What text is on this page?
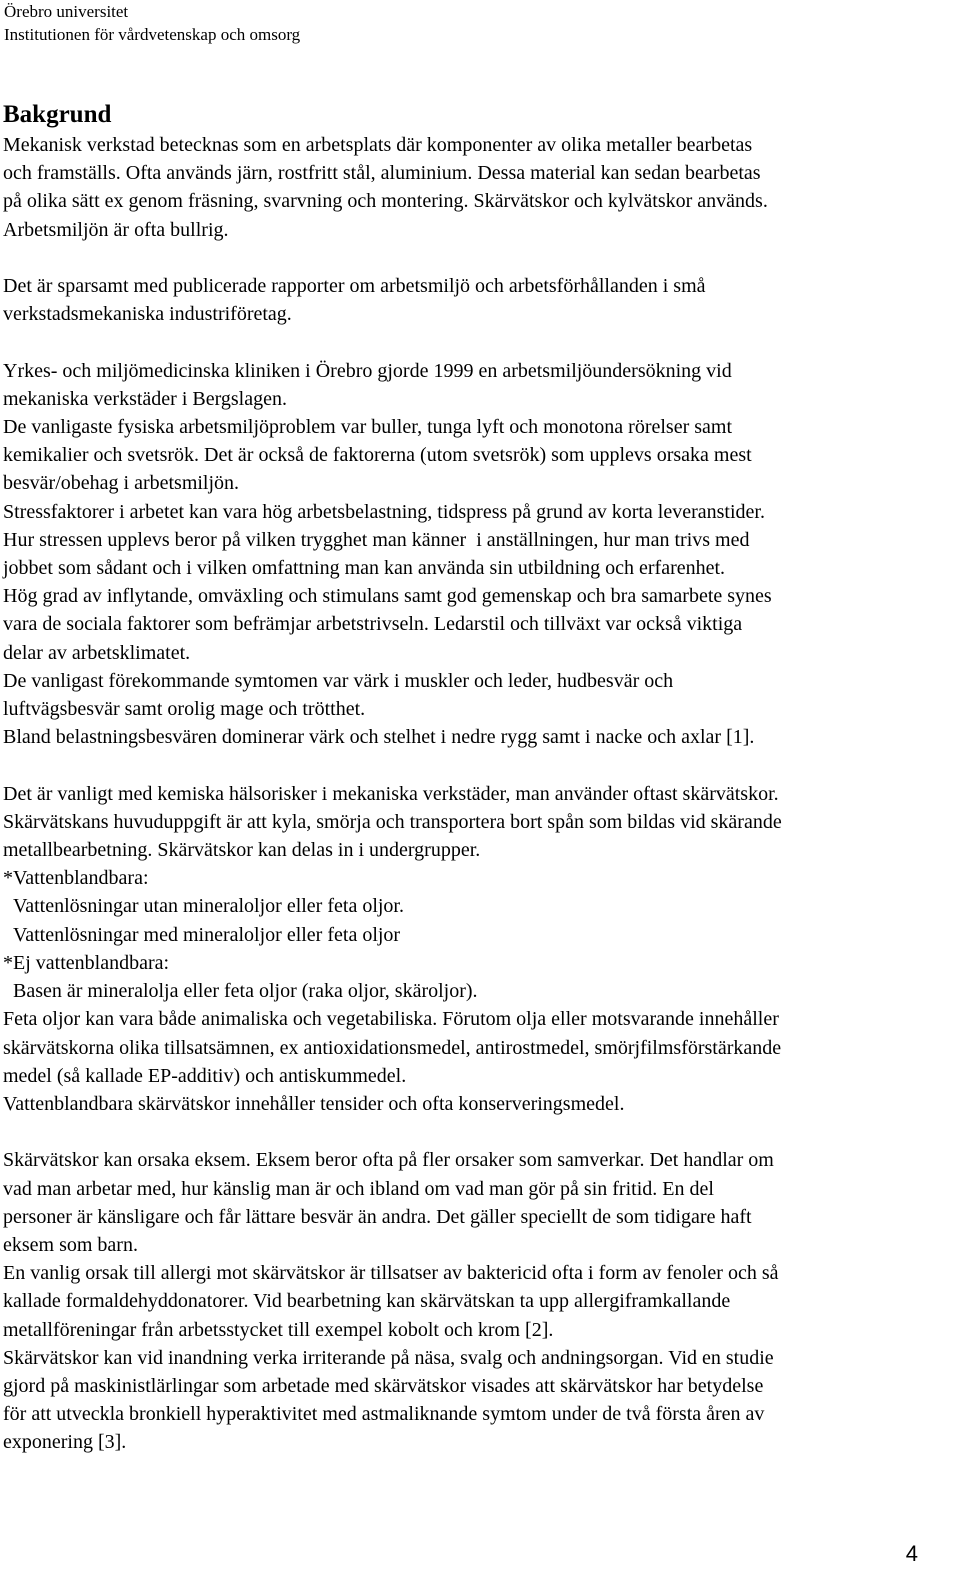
Örebro universitet
Institutionen för vårdvetenskap och omsorg
Bakgrund

Mekanisk verkstad betecknas som en arbetsplats där komponenter av olika metaller bearbetas

och framställs. Ofta används järn, rostfritt stål, aluminium. Dessa material kan sedan bearbetas

på olika sätt ex genom fräsning, svarvning och montering. Skärvätskor och kylvätskor används.

Arbetsmiljön är ofta bullrig.

Det är sparsamt med publicerade rapporter om arbetsmiljö och arbetsförhållanden i små

verkstadsmekaniska industriföretag.

Yrkes- och miljömedicinska kliniken i Örebro gjorde 1999 en arbetsmiljöundersökning vid

mekaniska verkstäder i Bergslagen.

De vanligaste fysiska arbetsmiljöproblem var buller, tunga lyft och monotona rörelser samt

kemikalier och svetsrök. Det är också de faktorerna (utom svetsrök) som upplevs orsaka mest

besvär/obehag i arbetsmiljön.

Stressfaktorer i arbetet kan vara hög arbetsbelastning, tidspress på grund av korta leveranstider.

Hur stressen upplevs beror på vilken trygghet man känner  i anställningen, hur man trivs med

jobbet som sådant och i vilken omfattning man kan använda sin utbildning och erfarenhet.

Hög grad av inflytande, omväxling och stimulans samt god gemenskap och bra samarbete synes

vara de sociala faktorer som befrämjar arbetstrivseln. Ledarstil och tillväxt var också viktiga

delar av arbetsklimatet.

De vanligast förekommande symtomen var värk i muskler och leder, hudbesvär och

luftvägsbesvär samt orolig mage och trötthet.

Bland belastningsbesvären dominerar värk och stelhet i nedre rygg samt i nacke och axlar [1].

Det är vanligt med kemiska hälsorisker i mekaniska verkstäder, man använder oftast skärvätskor.

Skärvätskans huvuduppgift är att kyla, smörja och transportera bort spån som bildas vid skärande

metallbearbetning. Skärvätskor kan delas in i undergrupper.

*Vattenblandbara:

Vattenlösningar utan mineraloljor eller feta oljor.

Vattenlösningar med mineraloljor eller feta oljor

*Ej vattenblandbara:

Basen är mineralolja eller feta oljor (raka oljor, skäroljor).

Feta oljor kan vara både animaliska och vegetabiliska. Förutom olja eller motsvarande innehåller

skärvätskorna olika tillsatsämnen, ex antioxidationsmedel, antirostmedel, smörjfilmsförstärkande

medel (så kallade EP-additiv) och antiskummedel.

Vattenblandbara skärvätskor innehåller tensider och ofta konserveringsmedel.

Skärvätskor kan orsaka eksem. Eksem beror ofta på fler orsaker som samverkar. Det handlar om

vad man arbetar med, hur känslig man är och ibland om vad man gör på sin fritid. En del

personer är känsligare och får lättare besvär än andra. Det gäller speciellt de som tidigare haft

eksem som barn.

En vanlig orsak till allergi mot skärvätskor är tillsatser av baktericid ofta i form av fenoler och så

kallade formaldehyddonatorer. Vid bearbetning kan skärvätskan ta upp allergiframkallande

metallföreningar från arbetsstycket till exempel kobolt och krom [2].

Skärvätskor kan vid inandning verka irriterande på näsa, svalg och andningsorgan. Vid en studie

gjord på maskinistlärlingar som arbetade med skärvätskor visades att skärvätskor har betydelse

för att utveckla bronkiell hyperaktivitet med astmaliknande symtom under de två första åren av

exponering [3].

4
